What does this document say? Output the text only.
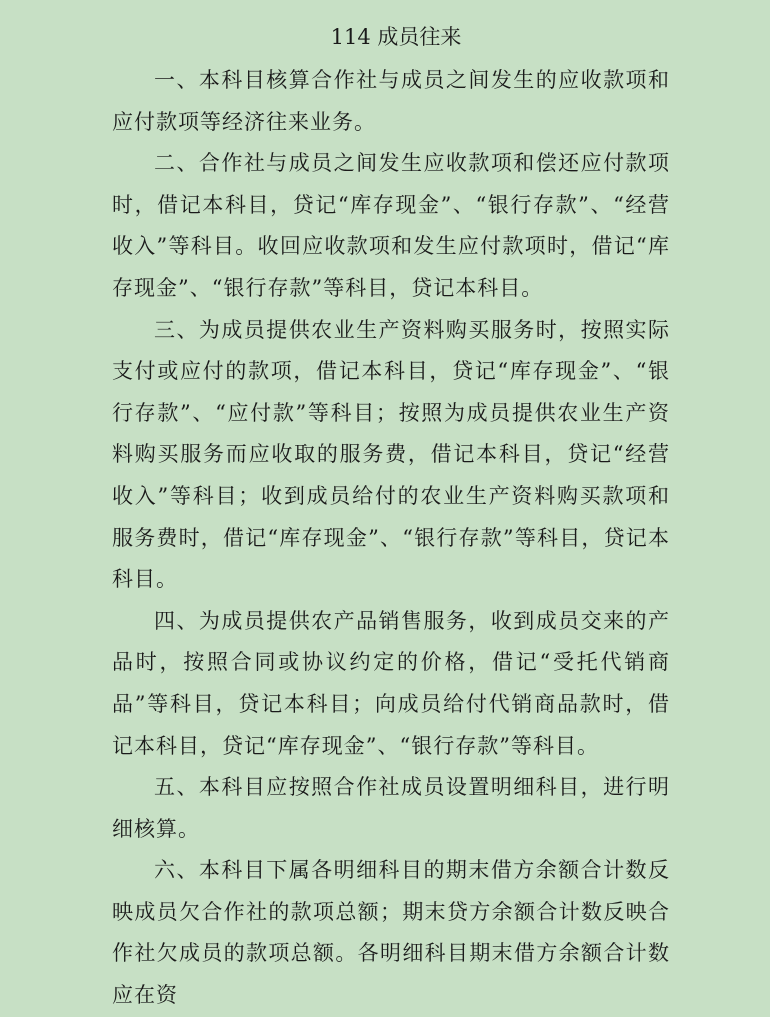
114 成员往来

一、本科目核算合作社与成员之间发生的应收款项和应付款项等经济往来业务。

二、合作社与成员之间发生应收款项和偿还应付款项时，借记本科目，贷记“库存现金”、“银行存款”、“经营收入”等科目。收回应收款项和发生应付款项时，借记“库存现金”、“银行存款”等科目，贷记本科目。

三、为成员提供农业生产资料购买服务时，按照实际支付或应付的款项，借记本科目，贷记“库存现金”、“银行存款”、“应付款”等科目；按照为成员提供农业生产资料购买服务而应收取的服务费，借记本科目，贷记“经营收入”等科目；收到成员给付的农业生产资料购买款项和服务费时，借记“库存现金”、“银行存款”等科目，贷记本科目。

四、为成员提供农产品销售服务，收到成员交来的产品时，按照合同或协议约定的价格，借记“受托代销商品”等科目，贷记本科目；向成员给付代销商品款时，借记本科目，贷记“库存现金”、“银行存款”等科目。

五、本科目应按照合作社成员设置明细科目，进行明细核算。

六、本科目下属各明细科目的期末借方余额合计数反映成员欠合作社的款项总额；期末贷方余额合计数反映合作社欠成员的款项总额。各明细科目期末借方余额合计数应在资
